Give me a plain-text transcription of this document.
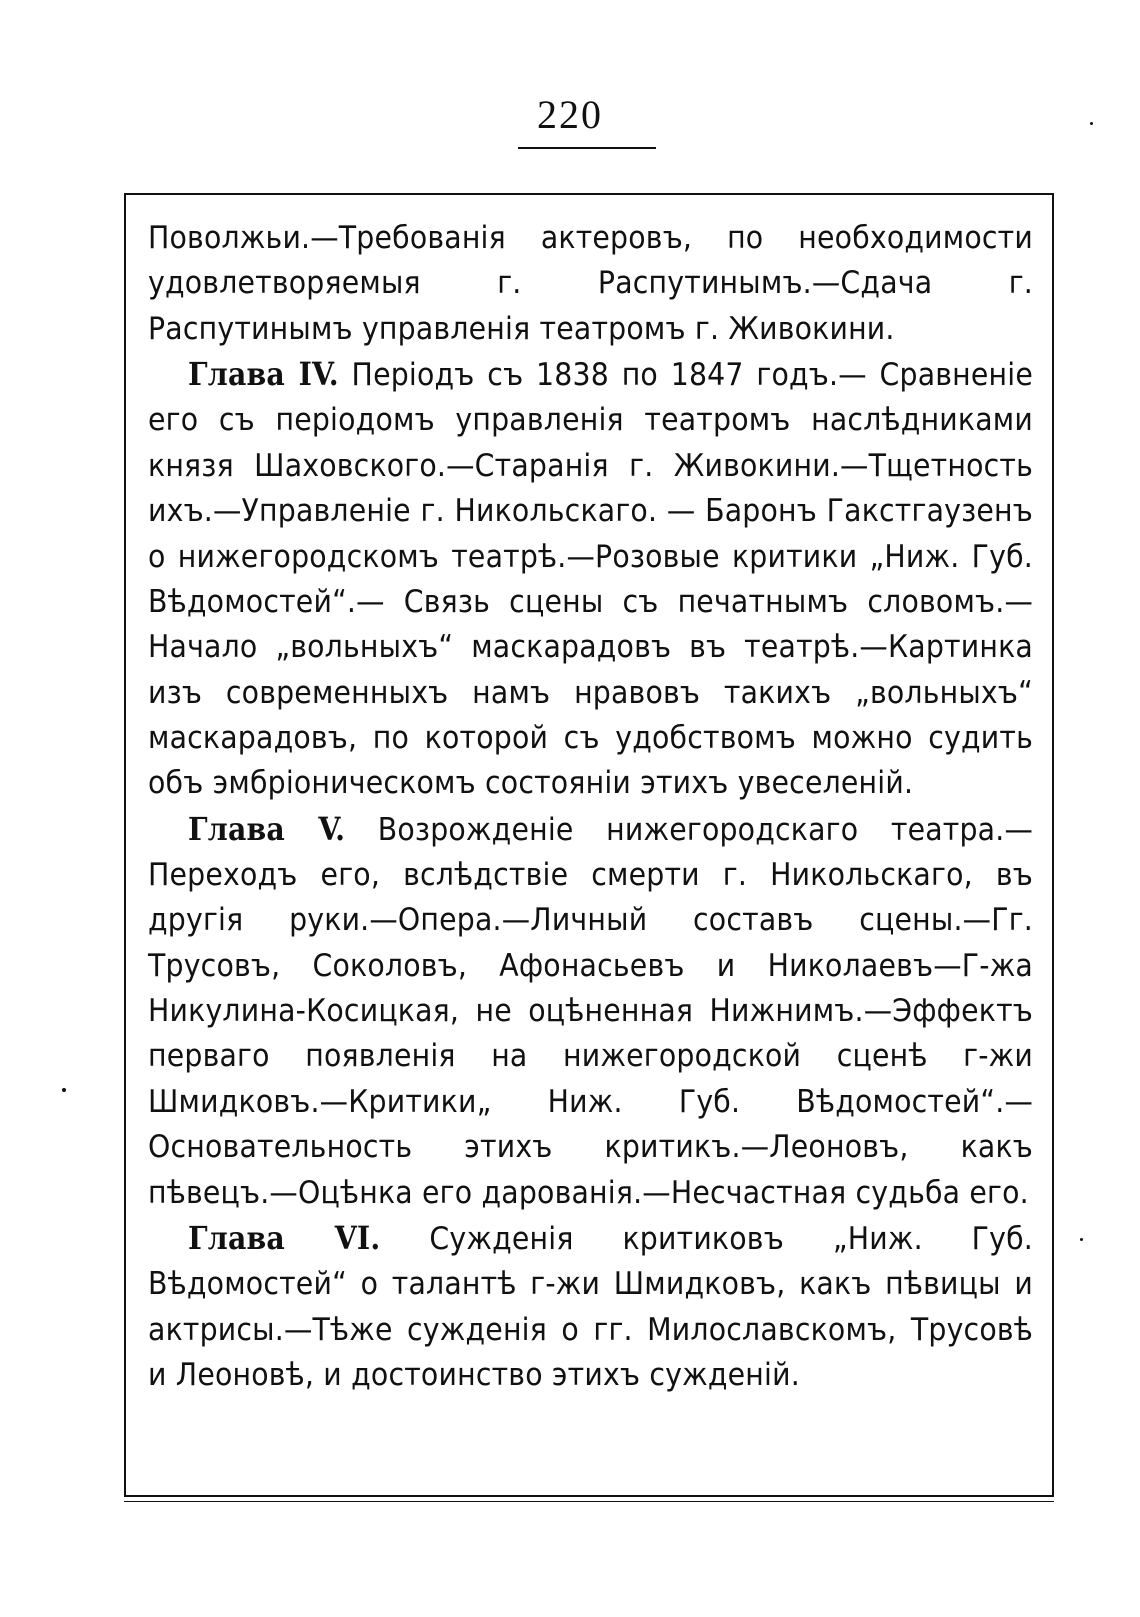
220

Поволжьи.—Требованія актеровъ, по необходимости удовлетворяемыя г. Распутинымъ.—Сдача г. Распутинымъ управленія театромъ г. Живокини.

Глава IV. Періодъ съ 1838 по 1847 годъ.— Сравненіе его съ періодомъ управленія театромъ наслѣдниками князя Шаховского.—Старанія г. Живокини.—Тщетность ихъ.—Управленіе г. Никольскаго. — Баронъ Гакстгаузенъ о нижегородскомъ театрѣ.—Розовые критики „Ниж. Губ. Вѣдомостей“.— Связь сцены съ печатнымъ словомъ.—Начало „вольныхъ“ маскарадовъ въ театрѣ.—Картинка изъ современныхъ намъ нравовъ такихъ „вольныхъ“ маскарадовъ, по которой съ удобствомъ можно судить объ эмбріоническомъ состояніи этихъ увеселеній.

Глава V. Возрожденіе нижегородскаго театра.— Переходъ его, вслѣдствіе смерти г. Никольскаго, въ другія руки.—Опера.—Личный составъ сцены.—Гг. Трусовъ, Соколовъ, Афонасьевъ и Николаевъ—Г-жа Никулина-Косицкая, не оцѣненная Нижнимъ.—Эффектъ перваго появленія на нижегородской сценѣ г-жи Шмидковъ.—Критики„ Ниж. Губ. Вѣдомостей“.— Основательность этихъ критикъ.—Леоновъ, какъ пѣвецъ.—Оцѣнка его дарованія.—Несчастная судьба его.

Глава VI. Сужденія критиковъ „Ниж. Губ. Вѣдомостей“ о талантѣ г-жи Шмидковъ, какъ пѣвицы и актрисы.—Тѣже сужденія о гг. Милославскомъ, Трусовѣ и Леоновѣ, и достоинство этихъ сужденій.
